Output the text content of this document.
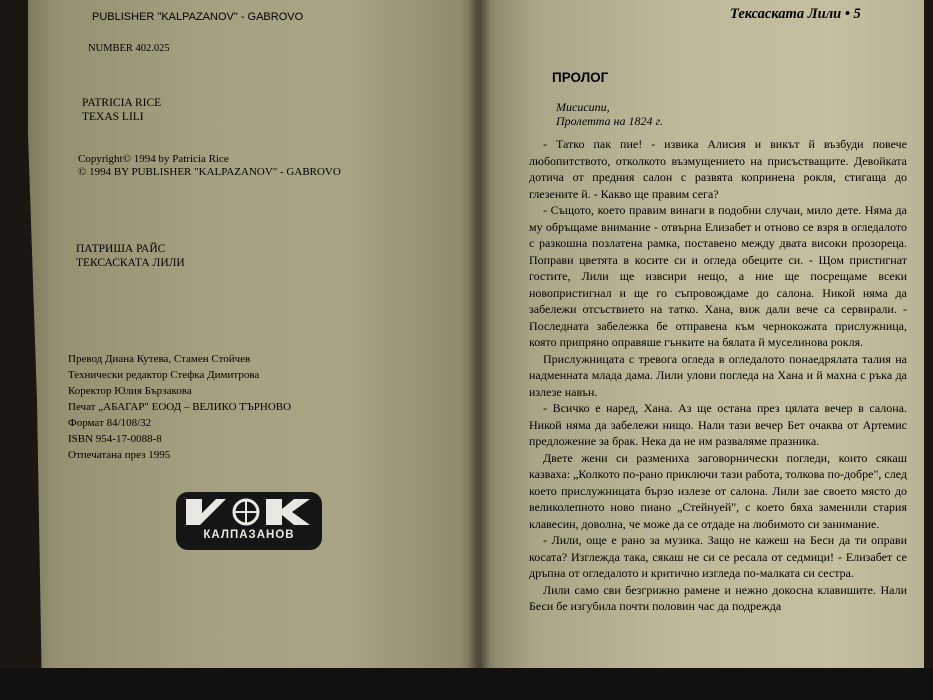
PUBLISHER "KALPAZANOV" - GABROVO
NUMBER 402.025
PATRICIA RICE
TEXAS LILI
Copyright© 1994 by Patricia Rice
© 1994 BY PUBLISHER "KALPAZANOV" - GABROVO
ПАТРИША РАЙС
ТЕКСАСКАТА ЛИЛИ
Превод Диана Кутева, Стамен Стойчев
Технически редактор Стефка Димитрова
Коректор Юлия Бързакова
Печат „АБАГАР" ЕООД – ВЕЛИКО ТЪРНОВО
Формат 84/108/32
ISBN 954-17-0088-8
Отпечатана през 1995
КАЛПАЗАНОВ
Тексаската Лили • 5
ПРОЛОГ
Мисисипи,
Пролетта на 1824 г.

- Татко пак пие! - извика Алисия и викът й възбуди повече любопитството, отколкото възмущението на присъстващите. Девойката дотича от предния салон с развята копринена рокля, стигаща до глезените й. - Какво ще правим сега?

- Същото, което правим винаги в подобни случаи, мило дете. Няма да му обръщаме внимание - отвърна Елизабет и отново се взря в огледалото с разкошна позлатена рамка, поставено между двата високи прозореца. Поправи цветята в косите си и огледа обеците си. - Щом пристигнат гостите, Лили ще извсири нещо, а ние ще посрещаме всеки новопристигнал и ще го съпровождаме до салона. Никой няма да забележи отсъствието на татко. Хана, виж дали вече са сервирали. - Последната забележка бе отправена към чернокожата прислужница, която припряно оправяше гънките на бялата й муселинова рокля.

Прислужницата с тревога огледа в огледалото понаедрялата талия на надменната млада дама. Лили улови погледа на Хана и й махна с ръка да излезе навън.

- Всичко е наред, Хана. Аз ще остана през цялата вечер в салона. Никой няма да забележи нищо. Нали тази вечер Бет очаква от Артемис предложение за брак. Нека да не им разваляме празника.

Двете жени си размениха заговорнически погледи, които сякаш казваха: „Колкото по-рано приключи тази работа, толкова по-добре", след което прислужницата бързо излезе от салона. Лили зае своето място до великолепното ново пиано „Стейнуей", с което бяха заменили стария клавесин, доволна, че може да се отдаде на любимото си занимание.

- Лили, още е рано за музика. Защо не кажеш на Беси да ти оправи косата? Изглежда така, сякаш не си се ресала от седмици! - Елизабет се дръпна от огледалото и критично изгледа по-малката си сестра.

Лили само сви безгрижно рамене и нежно докосна клавишите. Нали Беси бе изгубила почти половин час да подрежда
